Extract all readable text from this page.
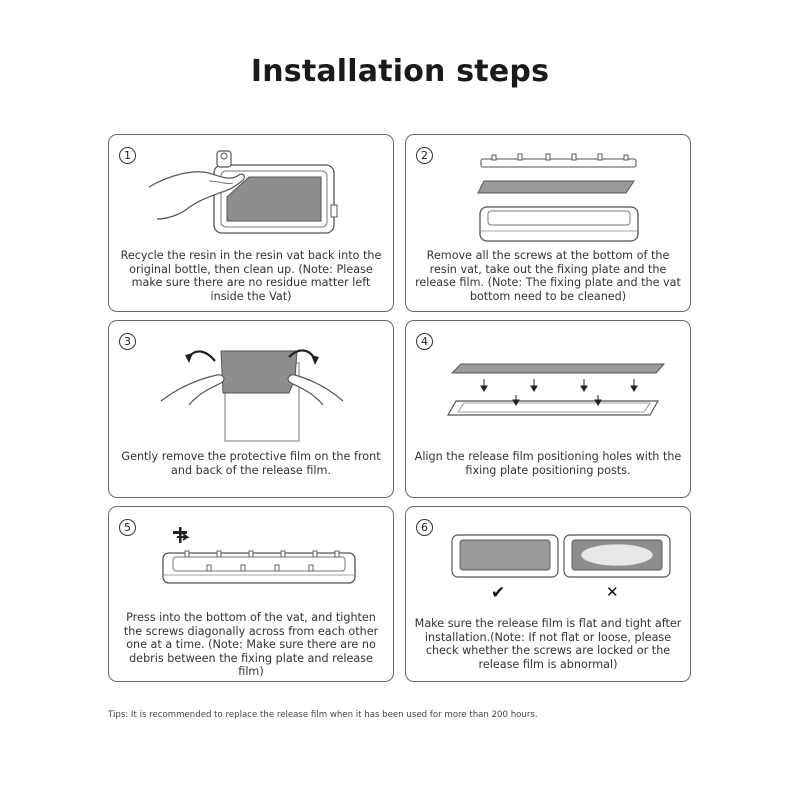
Installation steps
1
Recycle the resin in the resin vat back into the original bottle, then clean up. (Note: Please make sure there are no residue matter left inside the Vat)
2
Remove all the screws at the bottom of the resin vat, take out the fixing plate and the release film. (Note: The fixing plate and the vat bottom need to be cleaned)
3
Gently remove the protective film on the front and back of the release film.
4
Align the release film positioning holes with the fixing plate positioning posts.
5
Press into the bottom of the vat, and tighten the screws diagonally across from each other one at a time. (Note: Make sure there are no debris between the fixing plate and release film)
6
✔	✕
Make sure the release film is flat and tight after installation.(Note: If not flat or loose, please check whether the screws are locked or the release film is abnormal)
Tips: It is recommended to replace the release film when it has been used for more than 200 hours.
